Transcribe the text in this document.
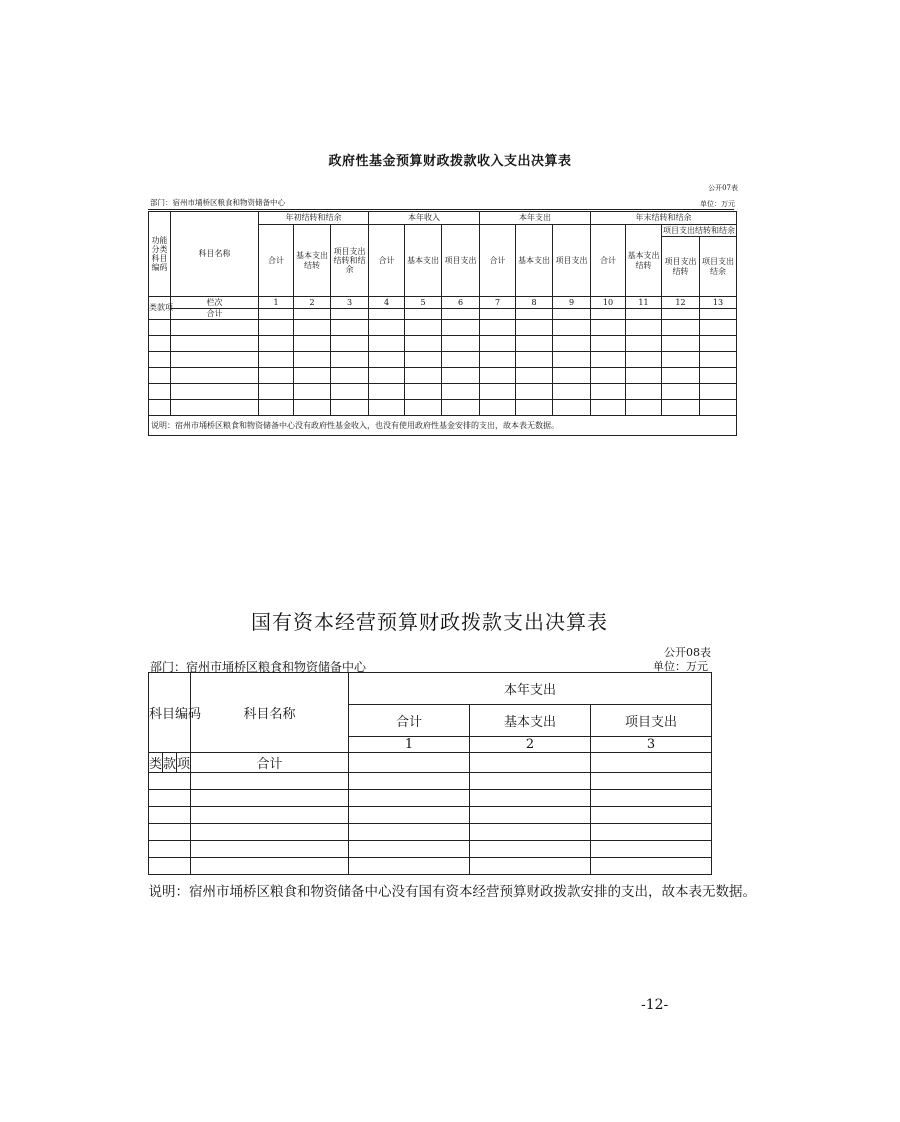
政府性基金预算财政拨款收入支出决算表
公开07表
部门：宿州市埇桥区粮食和物资储备中心	单位：万元
功能分类科目编码	科目名称	年初结转和结余			本年收入			本年支出			年末结转和结余			
		合计	基本支出结转	项目支出结转和结余	合计	基本支出	项目支出	合计	基本支出	项目支出	合计	基本支出结转	项目支出结转和结余	
													项目支出结转	项目支出结余
类款项	栏次	1	2	3	4	5	6	7	8	9	10	11	12	13
	合计													

说明：宿州市埇桥区粮食和物资储备中心没有政府性基金收入，也没有使用政府性基金安排的支出，故本表无数据。														
国有资本经营预算财政拨款支出决算表
公开08表
部门：宿州市埇桥区粮食和物资储备中心	单位：万元
科目编码			科目名称	本年支出		
				合计	基本支出	项目支出
				1	2	3
类	款	项	合计			

说明：宿州市埇桥区粮食和物资储备中心没有国有资本经营预算财政拨款安排的支出，故本表无数据。						
-12-
